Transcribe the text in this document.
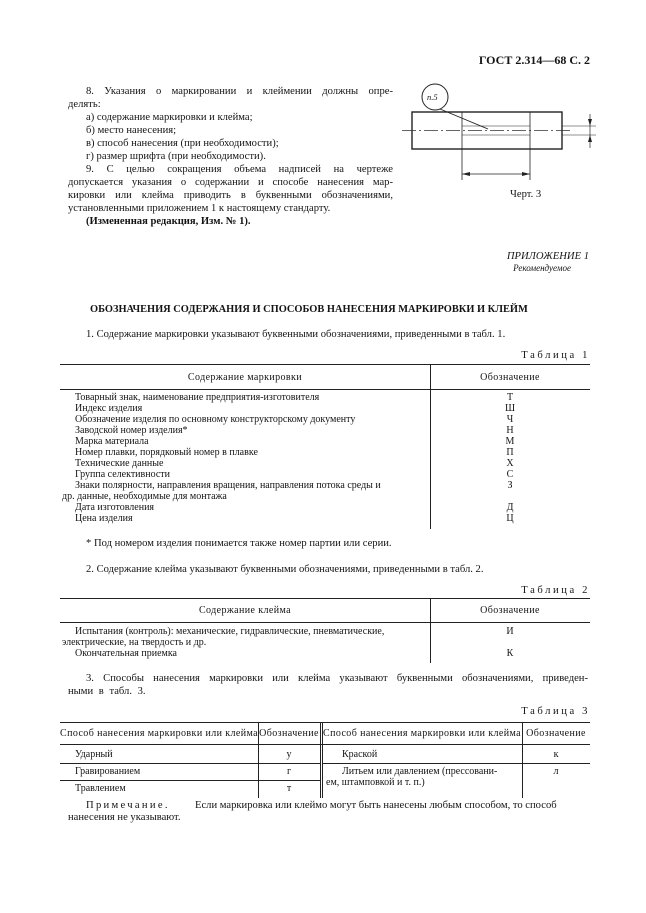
ГОСТ 2.314—68 С. 2
8. Указания о маркировании и клеймении должны опре-
делять:
а) содержание маркировки и клейма;
б) место нанесения;
в) способ нанесения (при необходимости);
г) размер шрифта (при необходимости).
9. С целью сокращения объема надписей на чертеже
допускается указания о содержании и способе нанесения мар-
кировки или клейма приводить в буквенными обозначениями,
установленными приложением 1 к настоящему стандарту.
(Измененная редакция, Изм. № 1).
п.5
Черт. 3
ПРИЛОЖЕНИЕ 1
Рекомендуемое
ОБОЗНАЧЕНИЯ СОДЕРЖАНИЯ И СПОСОБОВ НАНЕСЕНИЯ МАРКИРОВКИ И КЛЕЙМ
1. Содержание маркировки указывают буквенными обозначениями, приведенными в табл. 1.
Таблица 1
Содержание маркировки	Обозначение
Товарный знак, наименование предприятия-изготовителя	Т
Индекс изделия	Ш
Обозначение изделия по основному конструкторскому документу	Ч
Заводской номер изделия*	Н
Марка материала	М
Номер плавки, порядковый номер в плавке	П
Технические данные	Х
Группа селективности	С
Знаки полярности, направления вращения, направления потока среды и
др. данные, необходимые для монтажа
З
Дата изготовления	Д
Цена изделия	Ц
* Под номером изделия понимается также номер партии или серии.
2. Содержание клейма указывают буквенными обозначениями, приведенными в табл. 2.
Таблица 2
Содержание клейма	Обозначение
Испытания (контроль): механические, гидравлические, пневматические,
электрические, на твердость и др.
И
Окончательная приемка	К
3. Способы нанесения маркировки или клейма указывают буквенными обозначениями, приведен-
ными в табл. 3.
Таблица 3
Способ нанесения маркировки или клейма Обозначение Способ нанесения маркировки или клейма Обозначение
Ударный	у
Гравированием	г
Травлением	т
Краской	к
Литьем или давлением (прессовани-
ем, штамповкой и т. п.)
л
Примечание. Если маркировка или клеймо могут быть нанесены любым способом, то способ
нанесения не указывают.
